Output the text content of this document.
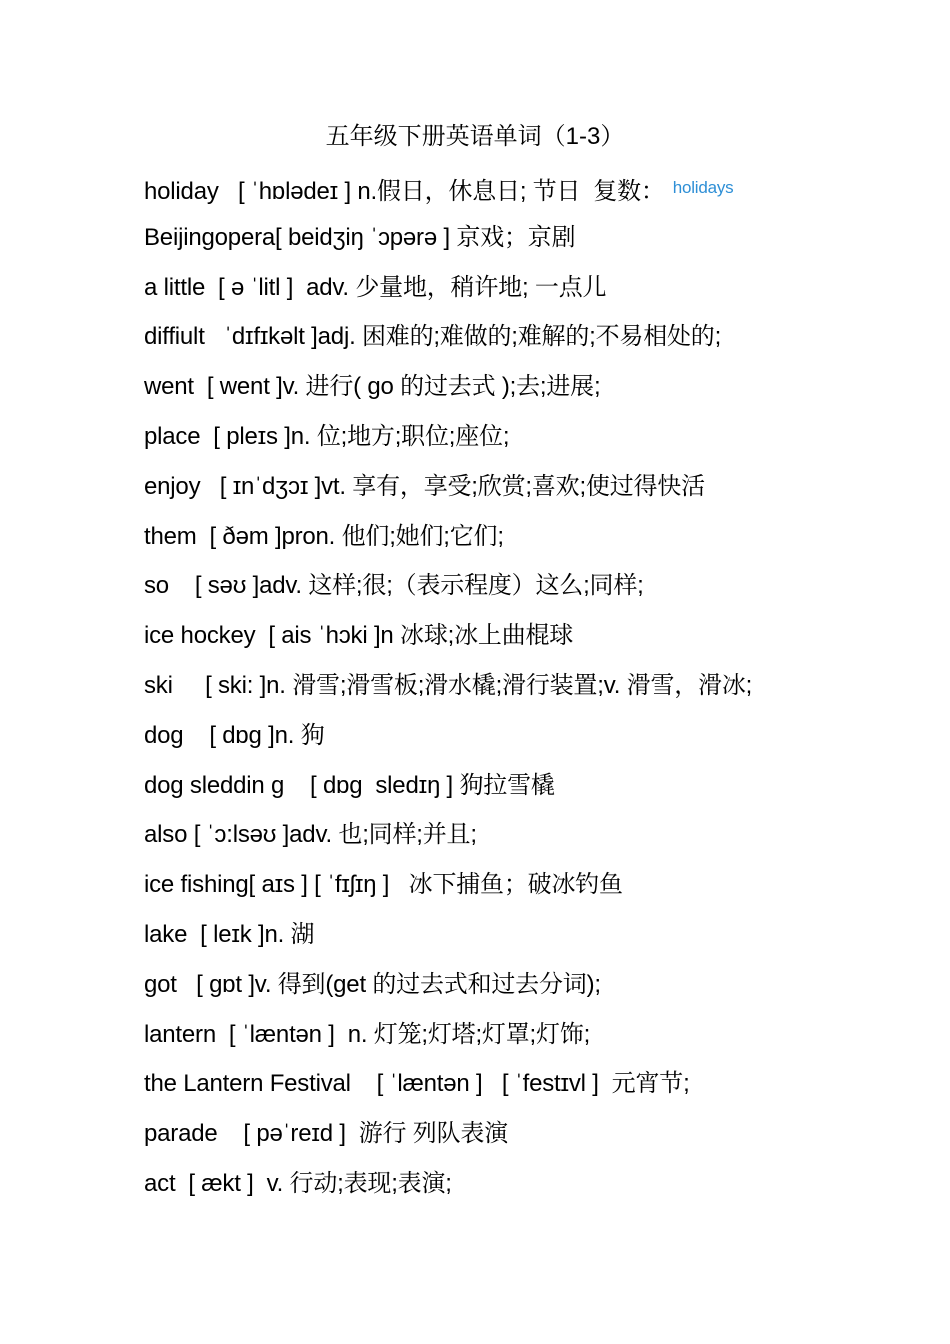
五年级下册英语单词（1-3）
holiday   [ ˈhɒlədeɪ ] n.假日，休息日; 节日  复数： $^{holidays}$
Beijingopera[ beidʒiŋ ˈɔpərə ] 京戏；京剧
a little  [ ə ˈlitl ]  adv. 少量地，稍许地; 一点儿
diffiult   ˈdɪfɪkəlt ]adj. 困难的;难做的;难解的;不易相处的;
went  [ went ]v. 进行( go 的过去式 );去;进展;
place  [ pleɪs ]n. 位;地方;职位;座位;
enjoy   [ ɪnˈdʒɔɪ ]vt. 享有，享受;欣赏;喜欢;使过得快活
them  [ ðəm ]pron. 他们;她们;它们;
so    [ səʊ ]adv. 这样;很;（表示程度）这么;同样;
ice hockey  [ ais ˈhɔki ]n 冰球;冰上曲棍球
ski     [ ski: ]n. 滑雪;滑雪板;滑水橇;滑行装置;v. 滑雪，滑冰;
dog    [ dɒg ]n. 狗
dog sleddin g    [ dɒg  sledɪŋ ] 狗拉雪橇
also [ ˈɔ:lsəʊ ]adv. 也;同样;并且;
ice fishing[ aɪs ] [ ˈfɪʃɪŋ ]   冰下捕鱼；破冰钓鱼
lake  [ leɪk ]n. 湖
got   [ gɒt ]v. 得到(get 的过去式和过去分词);
lantern  [ ˈlæntən ]  n. 灯笼;灯塔;灯罩;灯饰;
the Lantern Festival    [ ˈlæntən ]   [ ˈfestɪvl ]  元宵节;
parade    [ pəˈreɪd ]  游行 列队表演
act  [ ækt ]  v. 行动;表现;表演;
